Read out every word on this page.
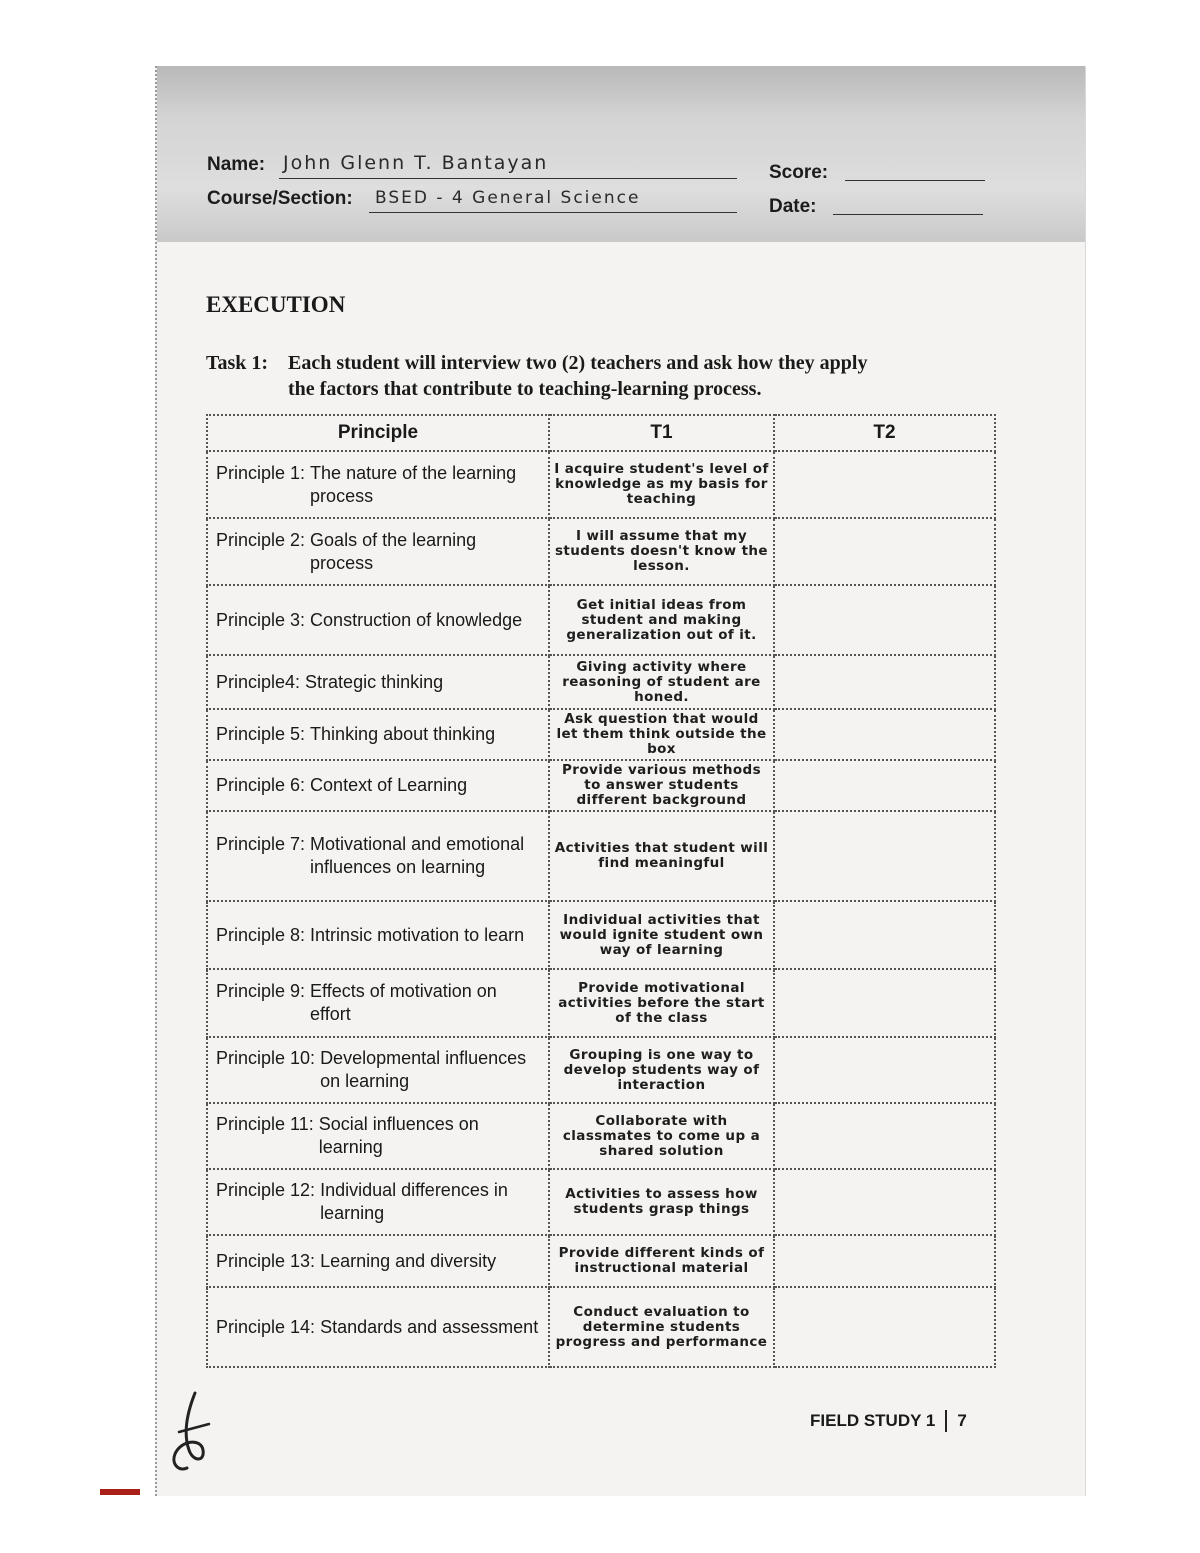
Name: John Glenn T. Bantayan
Course/Section: BSED - 4 General Science
Score:
Date:
EXECUTION
Task 1: Each student will interview two (2) teachers and ask how they apply
the factors that contribute to teaching-learning process.
Principle	T1	T2

Principle 1: The nature of the learning process	I acquire student's level of knowledge as my basis for teaching	

Principle 2: Goals of the learning process	I will assume that my students doesn't know the lesson.	

Principle 3: Construction of knowledge	Get initial ideas from student and making generalization out of it.	

Principle4: Strategic thinking	Giving activity where reasoning of student are honed.	

Principle 5: Thinking about thinking	Ask question that would let them think outside the box	

Principle 6: Context of Learning	Provide various methods to answer students different background	

Principle 7: Motivational and emotional influences on learning	Activities that student will find meaningful	

Principle 8: Intrinsic motivation to learn	Individual activities that would ignite student own way of learning	

Principle 9: Effects of motivation on effort	Provide motivational activities before the start of the class	

Principle 10: Developmental influences on learning	Grouping is one way to develop students way of interaction	

Principle 11: Social influences on learning	Collaborate with classmates to come up a shared solution	

Principle 12: Individual differences in learning	Activities to assess how students grasp things	

Principle 13: Learning and diversity	Provide different kinds of instructional material	

Principle 14: Standards and assessment	Conduct evaluation to determine students progress and performance	
FIELD STUDY 1 7
